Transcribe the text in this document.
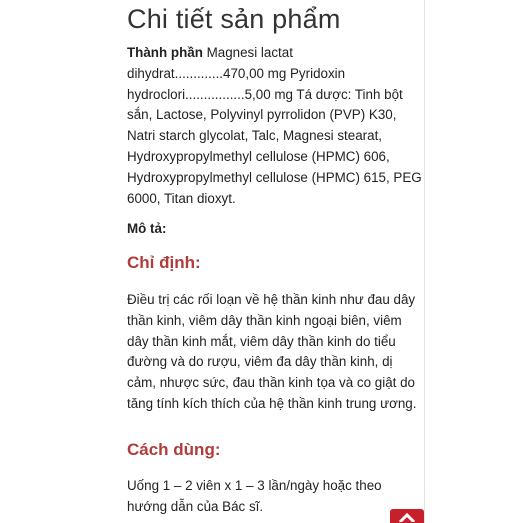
Chi tiết sản phẩm

Thành phần Magnesi lactat dihydrat.............470,00 mg Pyridoxin hydroclori................5,00 mg Tá dược: Tinh bột sắn, Lactose, Polyvinyl pyrrolidon (PVP) K30, Natri starch glycolat, Talc, Magnesi stearat, Hydroxypropylmethyl cellulose (HPMC) 606, Hydroxypropylmethyl cellulose (HPMC) 615, PEG 6000, Titan dioxyt.

Mô tả:

Chỉ định:

Điều trị các rối loạn về hệ thần kinh như đau dây thần kinh, viêm dây thần kinh ngoại biên, viêm dây thần kinh mắt, viêm dây thần kinh do tiểu đường và do rượu, viêm đa dây thần kinh, dị cảm, nhược sức, đau thần kinh tọa và co giật do tăng tính kích thích của hệ thần kinh trung ương.

Cách dùng:

Uống 1 – 2 viên x 1 – 3 lần/ngày hoặc theo hướng dẫn của Bác sĩ.
